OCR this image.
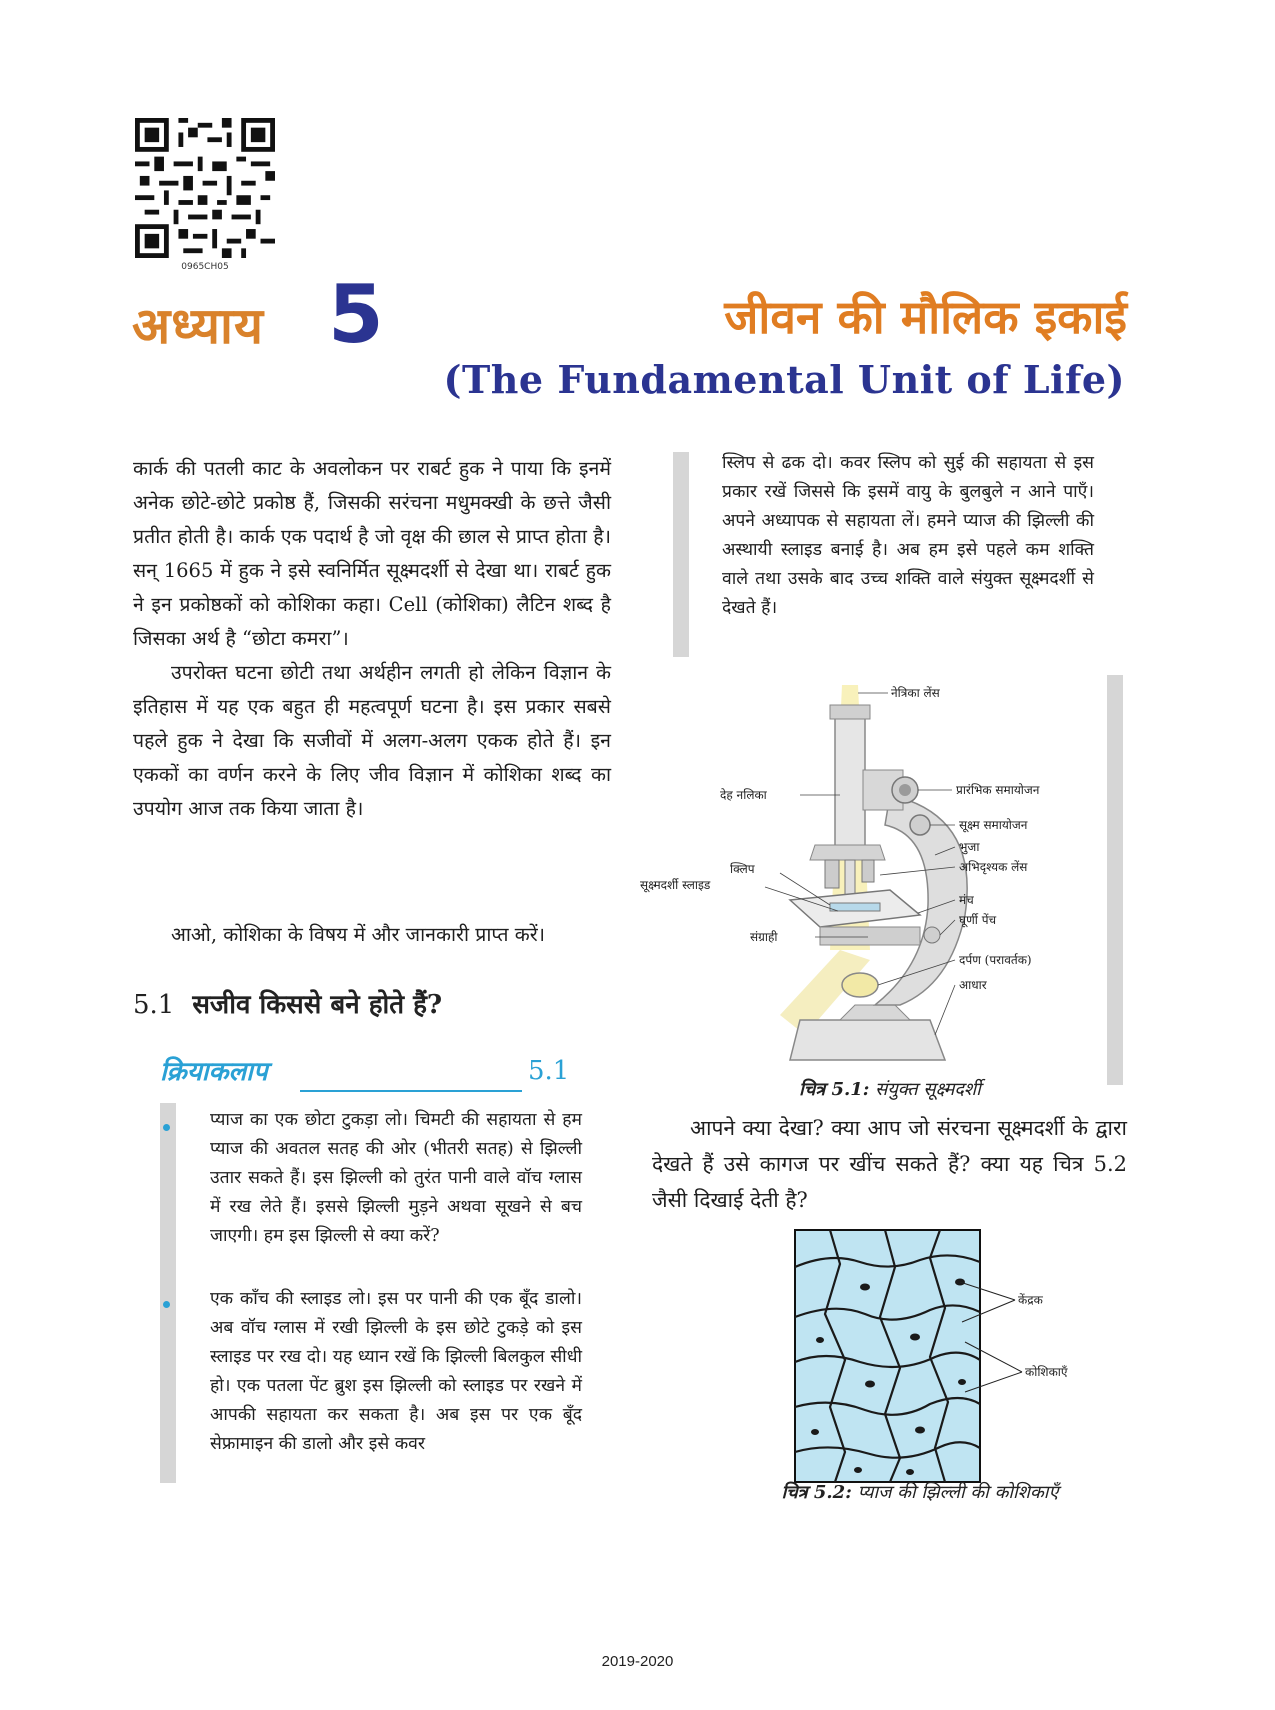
0965CH05
अध्याय 5	जीवन की मौलिक इकाई
(The Fundamental Unit of Life)

कार्क की पतली काट के अवलोकन पर राबर्ट हुक ने पाया कि इनमें अनेक छोटे-छोटे प्रकोष्ठ हैं, जिसकी सरंचना मधुमक्खी के छत्ते जैसी प्रतीत होती है। कार्क एक पदार्थ है जो वृक्ष की छाल से प्राप्त होता है। सन् 1665 में हुक ने इसे स्वनिर्मित सूक्ष्मदर्शी से देखा था। राबर्ट हुक ने इन प्रकोष्ठकों को कोशिका कहा। Cell (कोशिका) लैटिन शब्द है जिसका अर्थ है “छोटा कमरा”।

उपरोक्त घटना छोटी तथा अर्थहीन लगती हो लेकिन विज्ञान के इतिहास में यह एक बहुत ही महत्वपूर्ण घटना है। इस प्रकार सबसे पहले हुक ने देखा कि सजीवों में अलग-अलग एकक होते हैं। इन एककों का वर्णन करने के लिए जीव विज्ञान में कोशिका शब्द का उपयोग आज तक किया जाता है।

आओ, कोशिका के विषय में और जानकारी प्राप्त करें।

5.1 सजीव किससे बने होते हैं?
क्रियाकलाप	5.1

प्याज का एक छोटा टुकड़ा लो। चिमटी की सहायता से हम प्याज की अवतल सतह की ओर (भीतरी सतह) से झिल्ली उतार सकते हैं। इस झिल्ली को तुरंत पानी वाले वॉच ग्लास में रख लेते हैं। इससे झिल्ली मुड़ने अथवा सूखने से बच जाएगी। हम इस झिल्ली से क्या करें?

एक काँच की स्लाइड लो। इस पर पानी की एक बूँद डालो। अब वॉच ग्लास में रखी झिल्ली के इस छोटे टुकड़े को इस स्लाइड पर रख दो। यह ध्यान रखें कि झिल्ली बिलकुल सीधी हो। एक पतला पेंट ब्रुश इस झिल्ली को स्लाइड पर रखने में आपकी सहायता कर सकता है। अब इस पर एक बूँद सेफ्रामाइन की डालो और इसे कवर

स्लिप से ढक दो। कवर स्लिप को सुई की सहायता से इस प्रकार रखें जिससे कि इसमें वायु के बुलबुले न आने पाएँ। अपने अध्यापक से सहायता लें। हमने प्याज की झिल्ली की अस्थायी स्लाइड बनाई है। अब हम इसे पहले कम शक्ति वाले तथा उसके बाद उच्च शक्ति वाले संयुक्त सूक्ष्मदर्शी से देखते हैं।

नेत्रिका लेंस
प्रारंभिक समायोजन
देह नलिका
सूक्ष्म समायोजन
भुजा
अभिदृश्यक लेंस
क्लिप
सूक्ष्मदर्शी स्लाइड
मंच
घूर्णी पेंच
संग्राही
दर्पण (परावर्तक)
आधार
चित्र 5.1: संयुक्त सूक्ष्मदर्शी

आपने क्या देखा? क्या आप जो संरचना सूक्ष्मदर्शी के द्वारा देखते हैं उसे कागज पर खींच सकते हैं? क्या यह चित्र 5.2 जैसी दिखाई देती है?

केंद्रक
कोशिकाएँ
चित्र 5.2: प्याज की झिल्ली की कोशिकाएँ
2019-2020
